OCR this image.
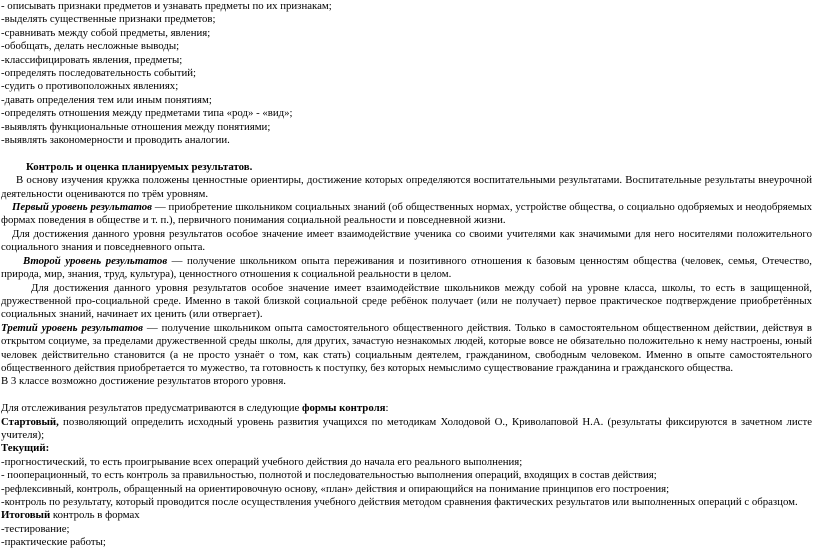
- описывать признаки предметов и узнавать предметы по их признакам;

-выделять существенные признаки предметов;

-сравнивать между собой предметы, явления;

-обобщать, делать несложные выводы;

-классифицировать явления, предметы;

-определять последовательность событий;

-судить о противоположных явлениях;

-давать определения тем или иным понятиям;

-определять отношения между предметами типа «род» - «вид»;

-выявлять функциональные отношения между понятиями;

-выявлять закономерности и проводить аналогии.

Контроль и оценка планируемых результатов.

В основу изучения кружка положены ценностные ориентиры, достижение которых определяются воспитательными результатами. Воспитательные результаты внеурочной деятельности оцениваются по трём уровням.

Первый уровень результатов — приобретение школьником социальных знаний (об общественных нормах, устройстве общества, о социально одобряемых и неодобряемых формах поведения в обществе и т. п.), первичного понимания социальной реальности и повседневной жизни.

Для достижения данного уровня результатов особое значение имеет взаимодействие ученика со своими учителями как значимыми для него носителями положительного социального знания и повседневного опыта.

Второй уровень результатов — получение школьником опыта переживания и позитивного отношения к базовым ценностям общества (человек, семья, Отечество, природа, мир, знания, труд, культура), ценностного отношения к социальной реальности в целом.

Для достижения данного уровня результатов особое значение имеет взаимодействие школьников между собой на уровне класса, школы, то есть в защищенной, дружественной про-социальной среде. Именно в такой близкой социальной среде ребёнок получает (или не получает) первое практическое подтверждение приобретённых социальных знаний, начинает их ценить (или отвергает).

Третий уровень результатов — получение школьником опыта самостоятельного общественного действия. Только в самостоятельном общественном действии, действуя в открытом социуме, за пределами дружественной среды школы, для других, зачастую незнакомых людей, которые вовсе не обязательно положительно к нему настроены, юный человек действительно становится (а не просто узнаёт о том, как стать) социальным деятелем, гражданином, свободным человеком. Именно в опыте самостоятельного общественного действия приобретается то мужество, та готовность к поступку, без которых немыслимо существование гражданина и гражданского общества.

В 3 классе возможно достижение результатов второго уровня.

Для отслеживания результатов предусматриваются в следующие формы контроля:

Стартовый, позволяющий определить исходный уровень развития учащихся по методикам Холодовой О., Криволаповой Н.А. (результаты фиксируются в зачетном листе учителя);

Текущий:

-прогностический, то есть проигрывание всех операций учебного действия до начала его реального выполнения;

- пооперационный, то есть контроль за правильностью, полнотой и последовательностью выполнения операций, входящих в состав действия;

-рефлексивный, контроль, обращенный на ориентировочную основу, «план» действия и опирающийся на понимание принципов его построения;

-контроль по результату, который проводится после осуществления учебного действия методом сравнения фактических результатов или выполненных операций с образцом.

Итоговый контроль в формах

-тестирование;

-практические работы;
